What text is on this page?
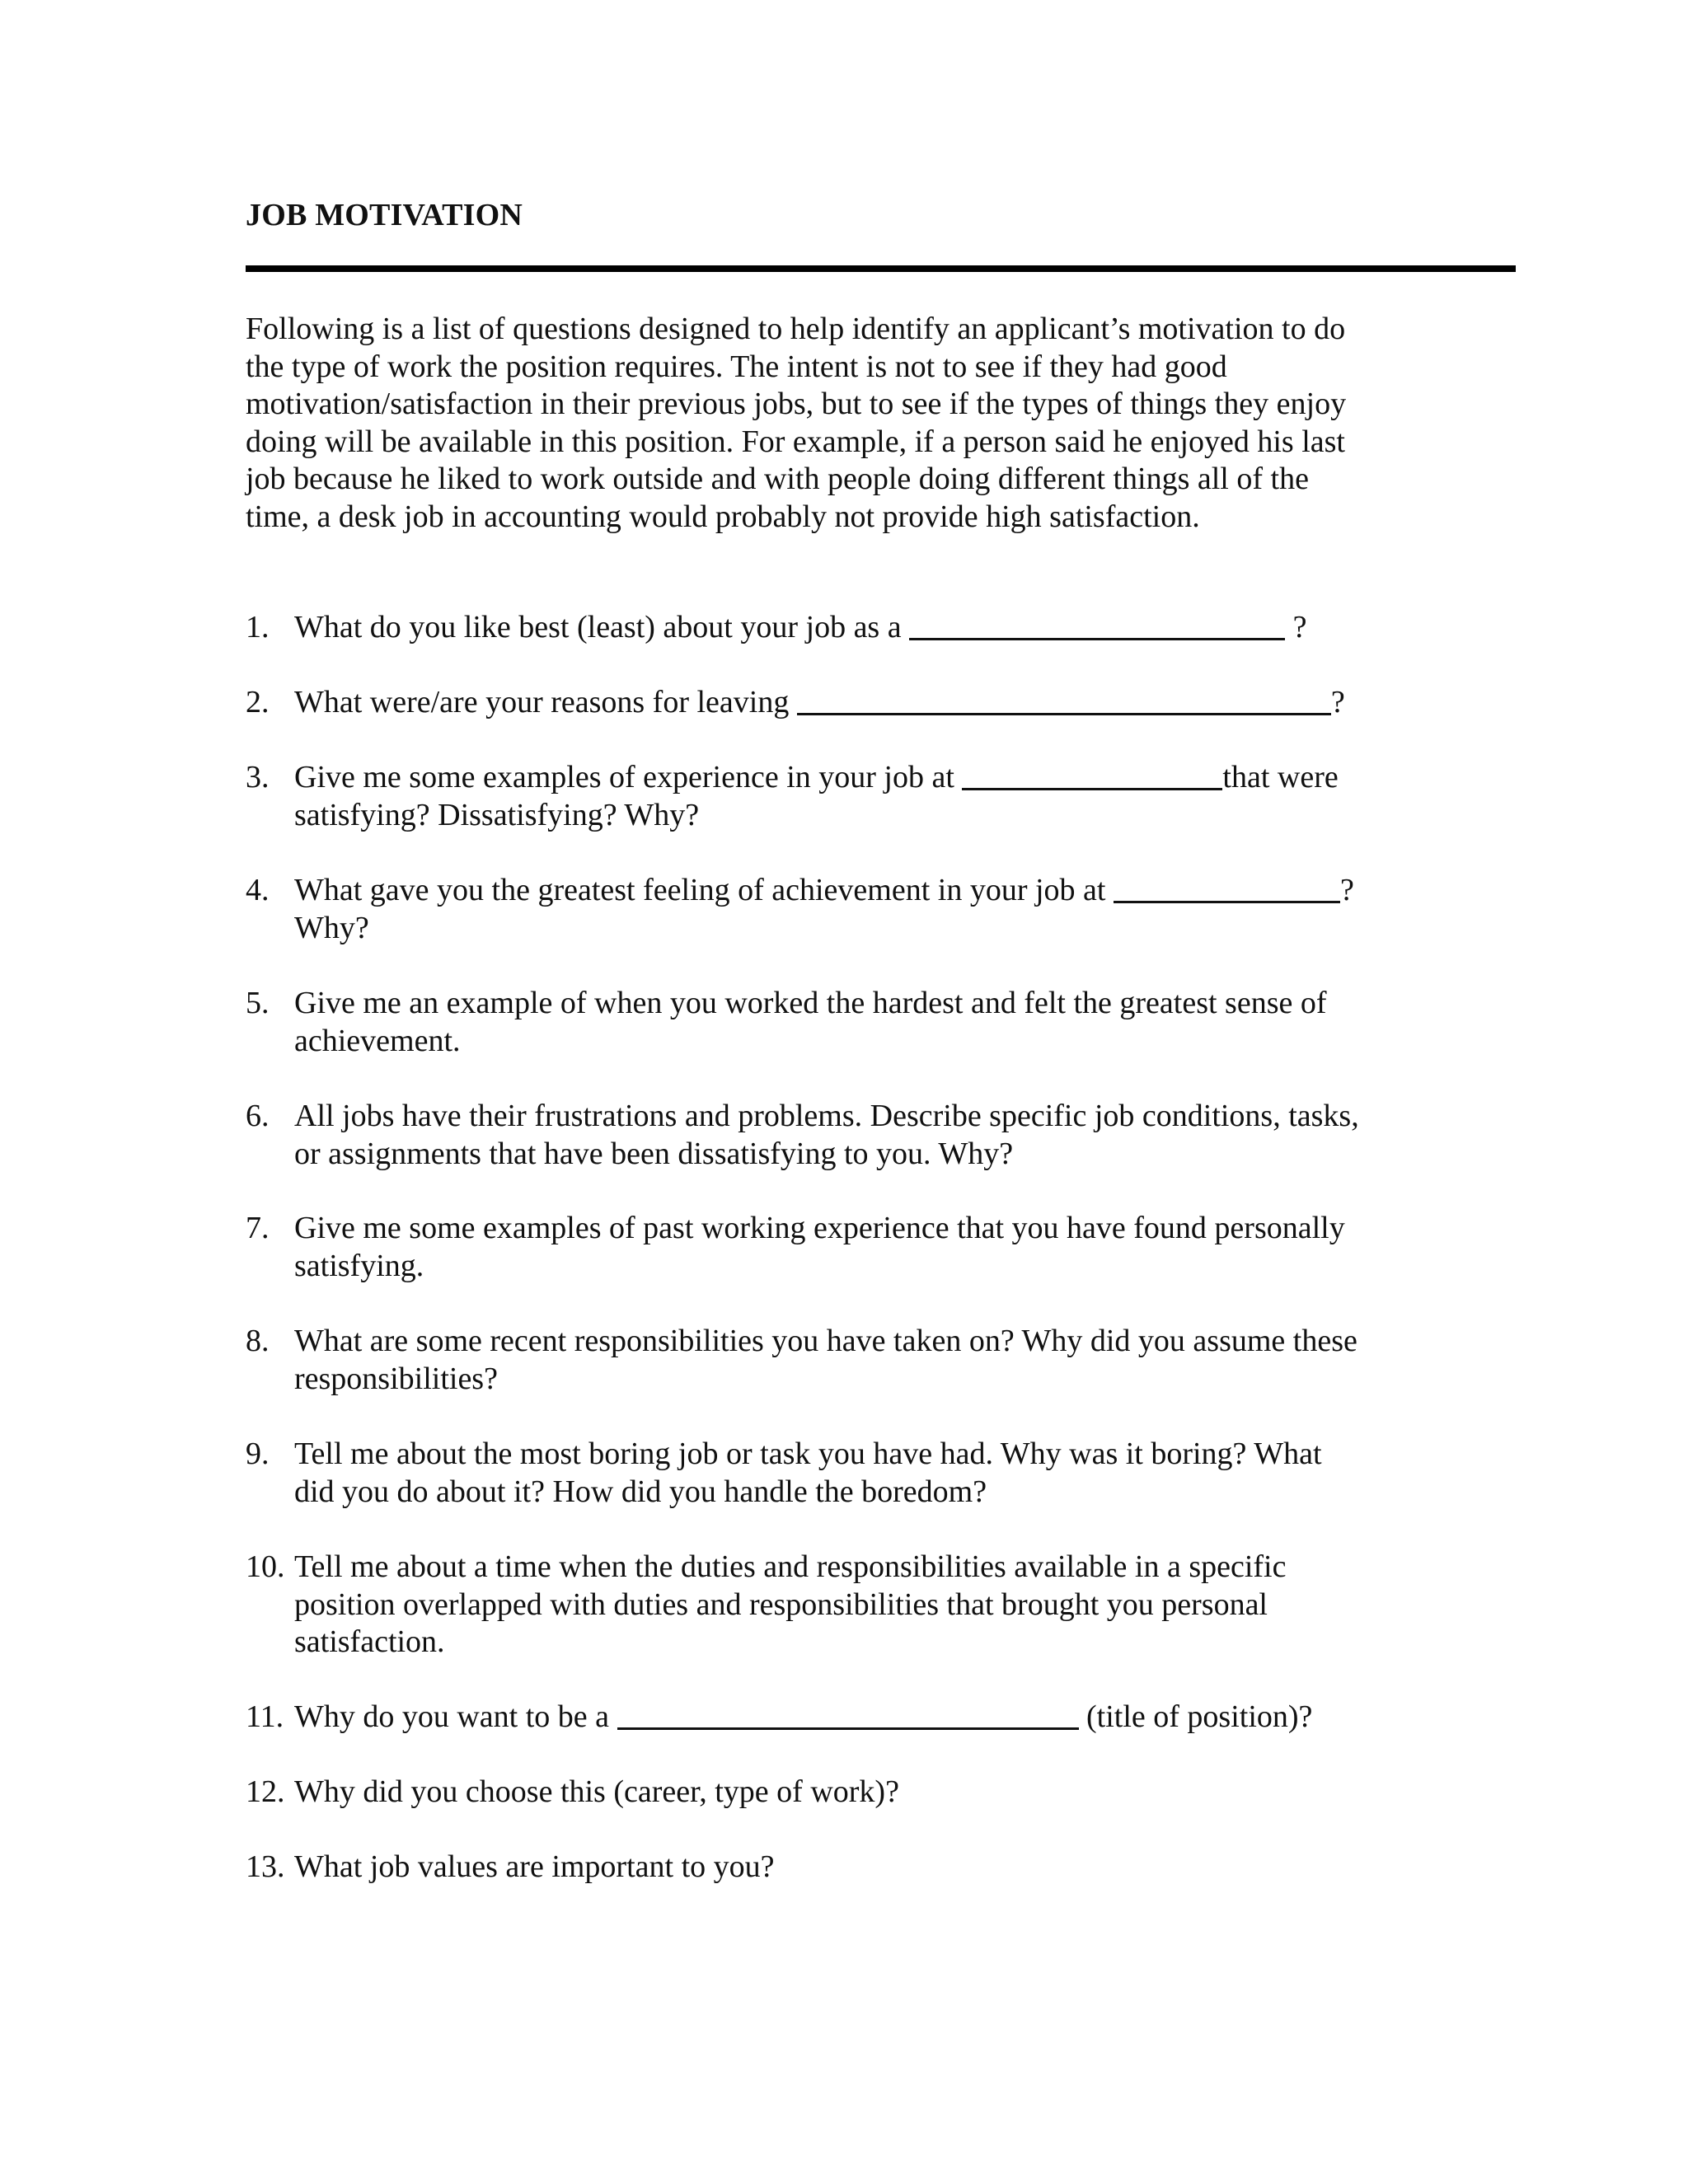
JOB MOTIVATION
Following is a list of questions designed to help identify an applicant’s motivation to do
the type of work the position requires. The intent is not to see if they had good
motivation/satisfaction in their previous jobs, but to see if the types of things they enjoy
doing will be available in this position. For example, if a person said he enjoyed his last
job because he liked to work outside and with people doing different things all of the
time, a desk job in accounting would probably not provide high satisfaction.
1. What do you like best (least) about your job as a	?
2. What were/are your reasons for leaving	?
3. Give me some examples of experience in your job at	that were
satisfying? Dissatisfying? Why?
4. What gave you the greatest feeling of achievement in your job at	?
Why?
5. Give me an example of when you worked the hardest and felt the greatest sense of
achievement.
6. All jobs have their frustrations and problems. Describe specific job conditions, tasks,
or assignments that have been dissatisfying to you. Why?
7. Give me some examples of past working experience that you have found personally
satisfying.
8. What are some recent responsibilities you have taken on? Why did you assume these
responsibilities?
9. Tell me about the most boring job or task you have had. Why was it boring? What
did you do about it? How did you handle the boredom?
10. Tell me about a time when the duties and responsibilities available in a specific
position overlapped with duties and responsibilities that brought you personal
satisfaction.
11. Why do you want to be a	(title of position)?
12. Why did you choose this (career, type of work)?
13. What job values are important to you?
